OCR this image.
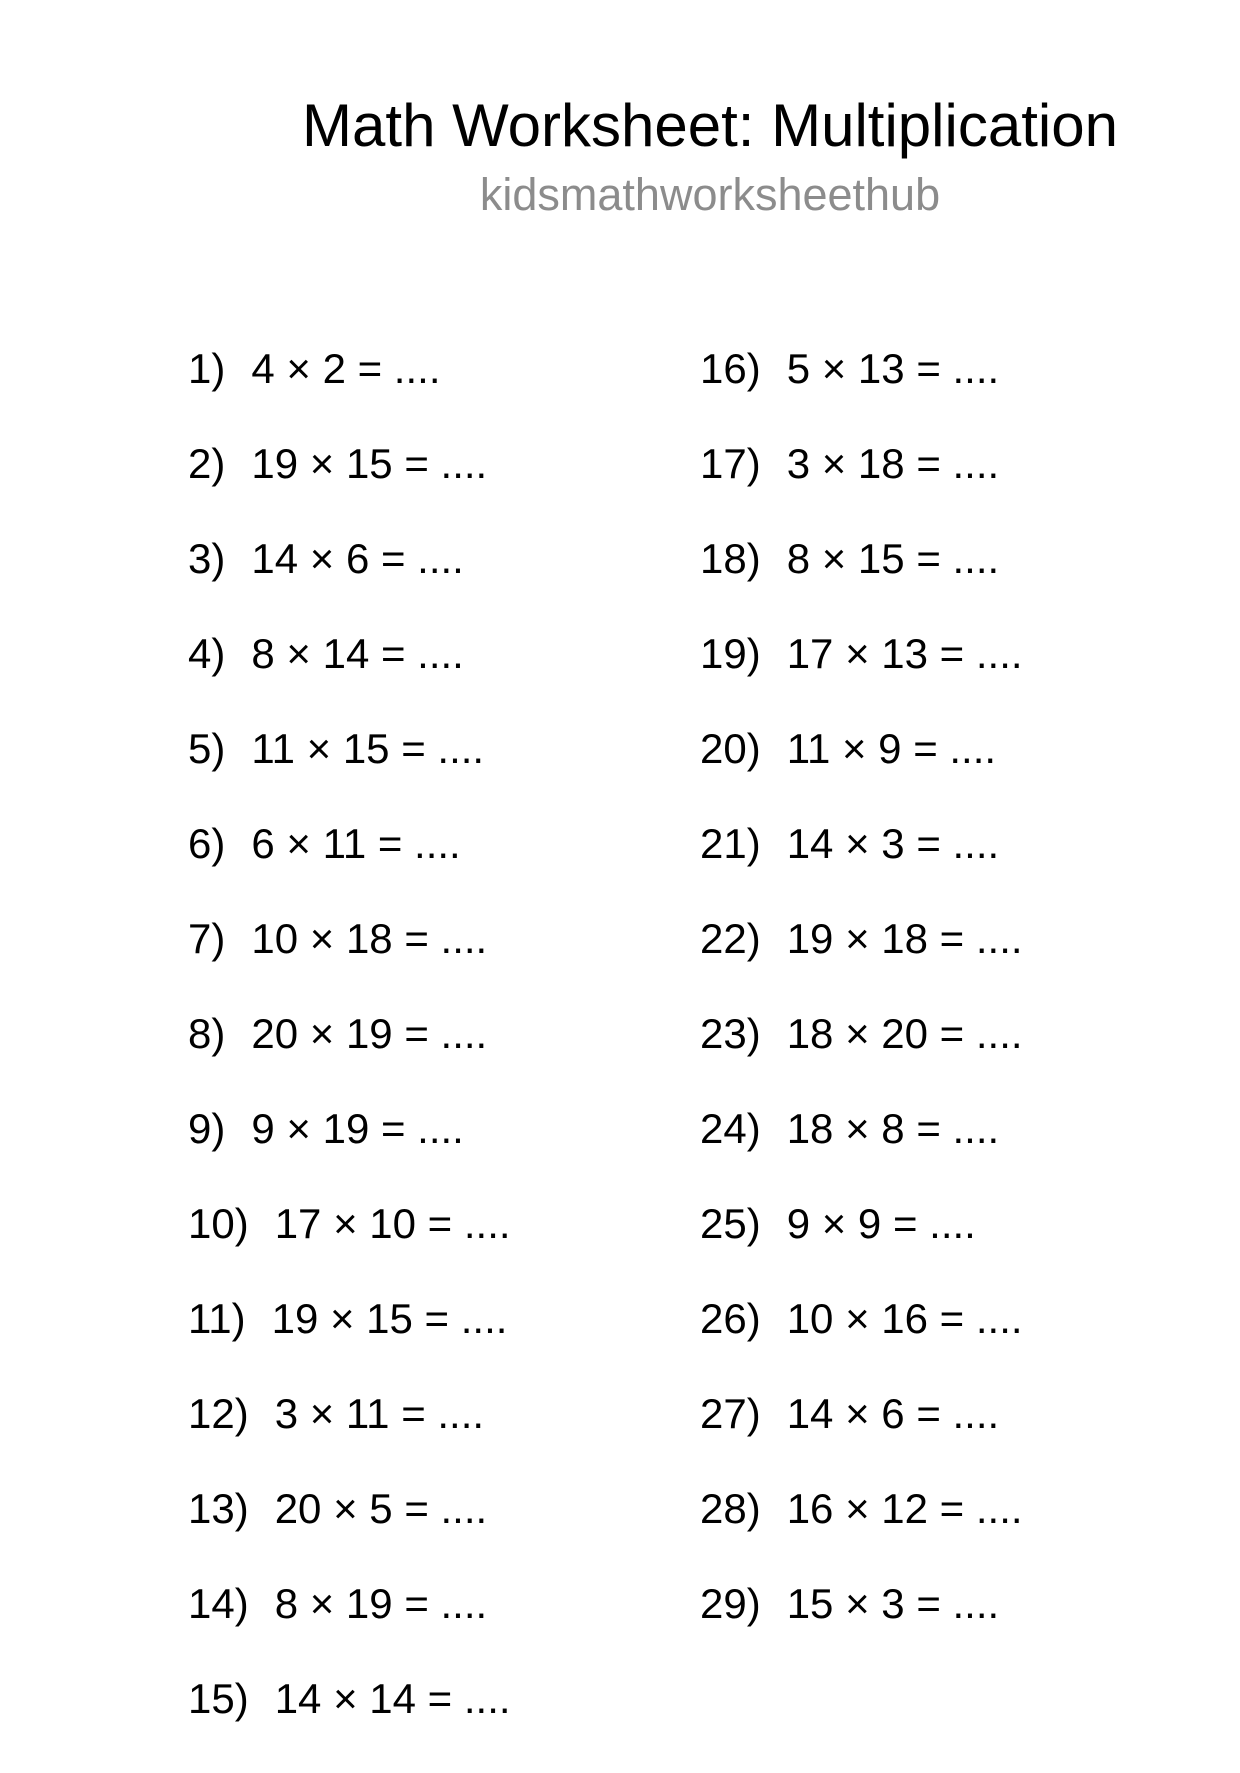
Math Worksheet: Multiplication
kidsmathworksheethub
1) 4 × 2 = ....
2) 19 × 15 = ....
3) 14 × 6 = ....
4) 8 × 14 = ....
5) 11 × 15 = ....
6) 6 × 11 = ....
7) 10 × 18 = ....
8) 20 × 19 = ....
9) 9 × 19 = ....
10) 17 × 10 = ....
11) 19 × 15 = ....
12) 3 × 11 = ....
13) 20 × 5 = ....
14) 8 × 19 = ....
15) 14 × 14 = ....
16) 5 × 13 = ....
17) 3 × 18 = ....
18) 8 × 15 = ....
19) 17 × 13 = ....
20) 11 × 9 = ....
21) 14 × 3 = ....
22) 19 × 18 = ....
23) 18 × 20 = ....
24) 18 × 8 = ....
25) 9 × 9 = ....
26) 10 × 16 = ....
27) 14 × 6 = ....
28) 16 × 12 = ....
29) 15 × 3 = ....
